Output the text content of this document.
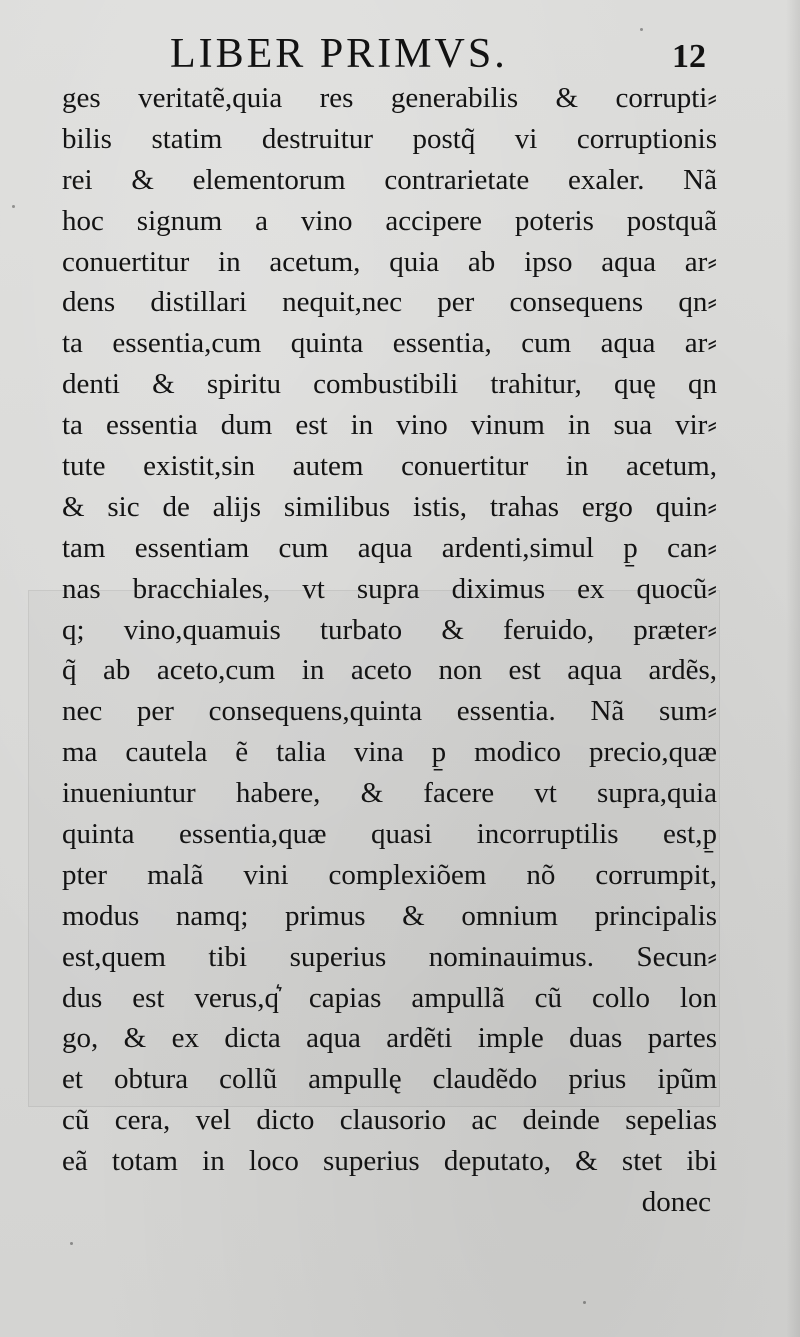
LIBER PRIMVS.	12
ges veritatẽ,quia res generabilis & corrupti⸗
bilis statim destruitur postq̃ vi corruptionis
rei & elementorum contrarietate exaler. Nã
hoc signum a vino accipere poteris postquã
conuertitur in acetum, quia ab ipso aqua ar⸗
dens distillari nequit,nec per consequens qn⸗
ta essentia,cum quinta essentia, cum aqua ar⸗
denti & spiritu combustibili trahitur, quę qn
ta essentia dum est in vino vinum in sua vir⸗
tute existit,sin autem conuertitur in acetum,
& sic de aliјs similibus istis, trahas ergo quin⸗
tam essentiam cum aqua ardenti,simul p̱ can⸗
nas bracchiales, vt supra diximus ex quocũ⸗
q; vino,quamuis turbato & feruido, præter⸗
q̃ ab aceto,cum in aceto non est aqua ardẽs,
nec per consequens,quinta essentia. Nã sum⸗
ma cautela ẽ talia vina p̱ modico precio,quæ
inueniuntur habere, & facere vt supra,quia
quinta essentia,quæ quasi incorruptilis est,p̱
pter malã vini complexiõem nõ corrumpit,
modus namq; primus & omnium principalis
est,quem tibi superius nominauimus. Secun⸗
dus est verus,q͛ capias ampullã cũ collo lon
go, & ex dicta aqua ardẽti imple duas partes
et obtura collũ ampullę claudẽdo prius ipũm
cũ cera, vel dicto clausorio ac deinde sepelias
eã totam in loco superius deputato, & stet ibi
donec
